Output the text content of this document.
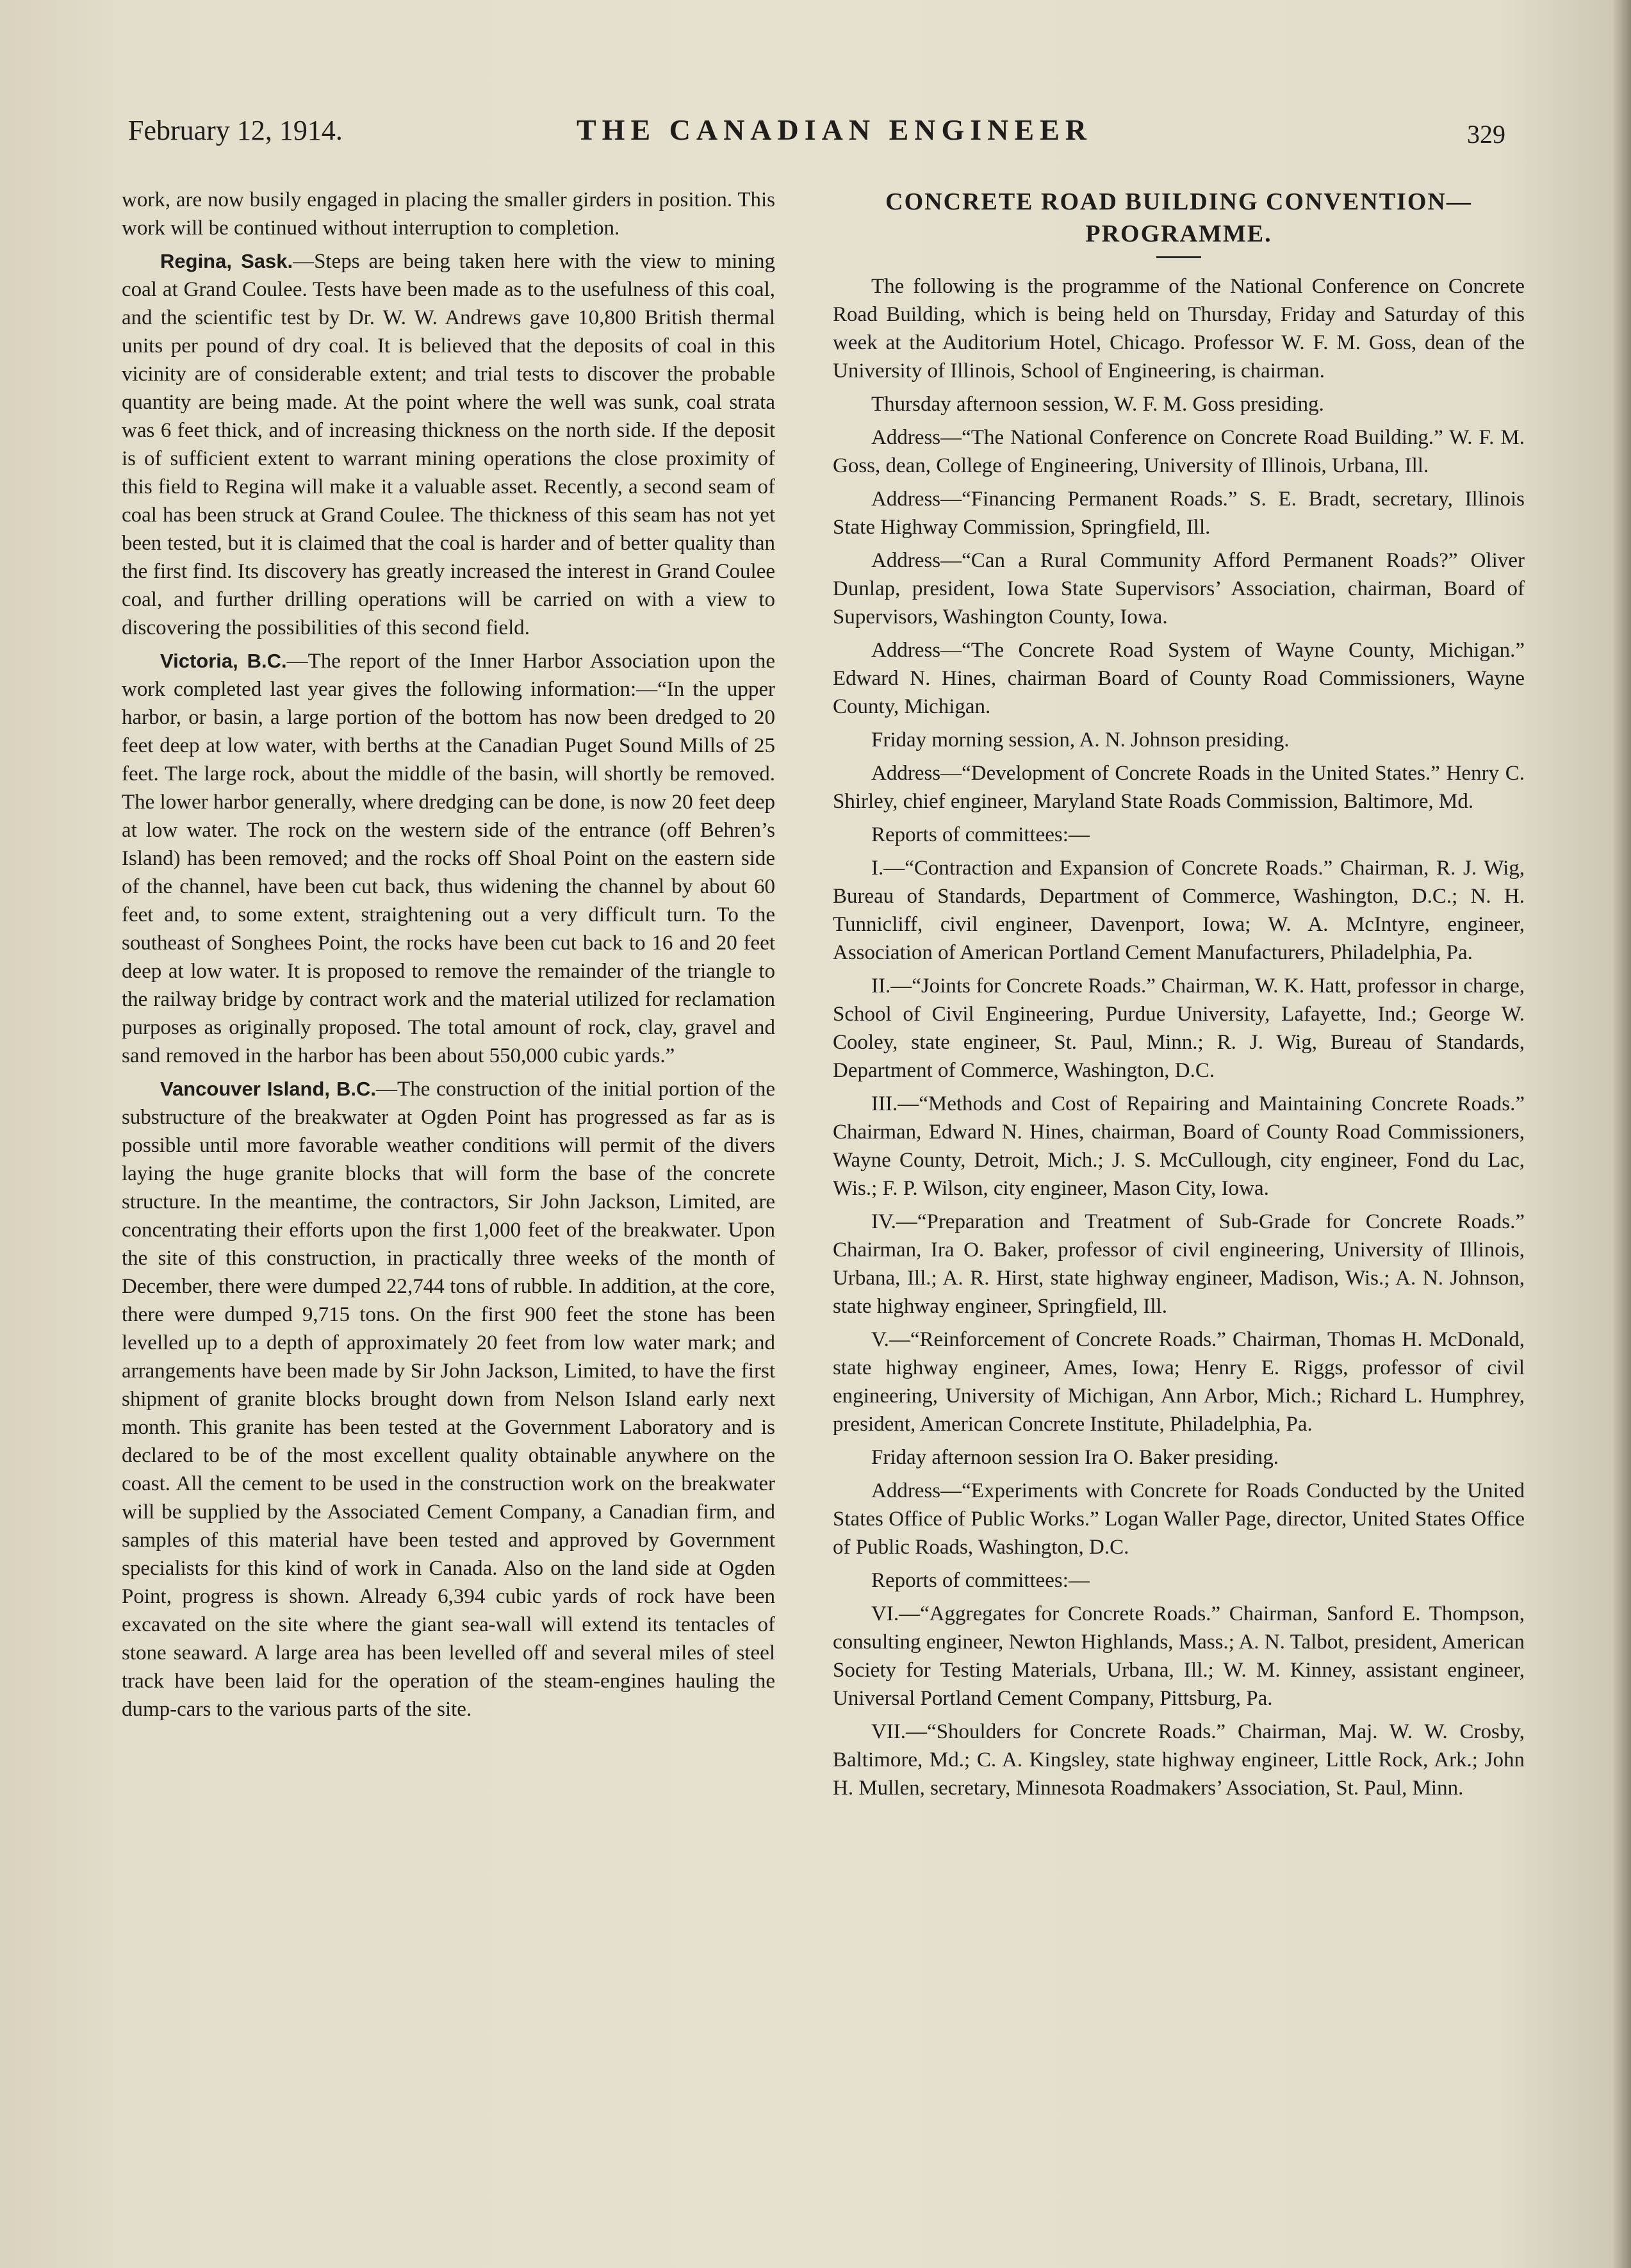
February 12, 1914.	THE CANADIAN ENGINEER	329

work, are now busily engaged in placing the smaller girders in position. This work will be continued without interruption to completion.

Regina, Sask.—Steps are being taken here with the view to mining coal at Grand Coulee. Tests have been made as to the usefulness of this coal, and the scientific test by Dr. W. W. Andrews gave 10,800 British thermal units per pound of dry coal. It is believed that the deposits of coal in this vicinity are of considerable extent; and trial tests to discover the probable quantity are being made. At the point where the well was sunk, coal strata was 6 feet thick, and of increasing thickness on the north side. If the deposit is of sufficient extent to warrant mining operations the close proximity of this field to Regina will make it a valuable asset. Recently, a second seam of coal has been struck at Grand Coulee. The thickness of this seam has not yet been tested, but it is claimed that the coal is harder and of better quality than the first find. Its discovery has greatly increased the interest in Grand Coulee coal, and further drilling operations will be carried on with a view to discovering the possibilities of this second field.

Victoria, B.C.—The report of the Inner Harbor Association upon the work completed last year gives the following information:—“In the upper harbor, or basin, a large portion of the bottom has now been dredged to 20 feet deep at low water, with berths at the Canadian Puget Sound Mills of 25 feet. The large rock, about the middle of the basin, will shortly be removed. The lower harbor generally, where dredging can be done, is now 20 feet deep at low water. The rock on the western side of the entrance (off Behren’s Island) has been removed; and the rocks off Shoal Point on the eastern side of the channel, have been cut back, thus widening the channel by about 60 feet and, to some extent, straightening out a very difficult turn. To the southeast of Songhees Point, the rocks have been cut back to 16 and 20 feet deep at low water. It is proposed to remove the remainder of the triangle to the railway bridge by contract work and the material utilized for reclamation purposes as originally proposed. The total amount of rock, clay, gravel and sand removed in the harbor has been about 550,000 cubic yards.”

Vancouver Island, B.C.—The construction of the initial portion of the substructure of the breakwater at Ogden Point has progressed as far as is possible until more favorable weather conditions will permit of the divers laying the huge granite blocks that will form the base of the concrete structure. In the meantime, the contractors, Sir John Jackson, Limited, are concentrating their efforts upon the first 1,000 feet of the breakwater. Upon the site of this construction, in practically three weeks of the month of December, there were dumped 22,744 tons of rubble. In addition, at the core, there were dumped 9,715 tons. On the first 900 feet the stone has been levelled up to a depth of approximately 20 feet from low water mark; and arrangements have been made by Sir John Jackson, Limited, to have the first shipment of granite blocks brought down from Nelson Island early next month. This granite has been tested at the Government Laboratory and is declared to be of the most excellent quality obtainable anywhere on the coast. All the cement to be used in the construction work on the breakwater will be supplied by the Associated Cement Company, a Canadian firm, and samples of this material have been tested and approved by Government specialists for this kind of work in Canada. Also on the land side at Ogden Point, progress is shown. Already 6,394 cubic yards of rock have been excavated on the site where the giant sea-wall will extend its tentacles of stone seaward. A large area has been levelled off and several miles of steel track have been laid for the operation of the steam-engines hauling the dump-cars to the various parts of the site.

CONCRETE ROAD BUILDING CONVENTION—
PROGRAMME.

The following is the programme of the National Conference on Concrete Road Building, which is being held on Thursday, Friday and Saturday of this week at the Auditorium Hotel, Chicago. Professor W. F. M. Goss, dean of the University of Illinois, School of Engineering, is chairman.

Thursday afternoon session, W. F. M. Goss presiding.

Address—“The National Conference on Concrete Road Building.” W. F. M. Goss, dean, College of Engineering, University of Illinois, Urbana, Ill.

Address—“Financing Permanent Roads.” S. E. Bradt, secretary, Illinois State Highway Commission, Springfield, Ill.

Address—“Can a Rural Community Afford Permanent Roads?” Oliver Dunlap, president, Iowa State Supervisors’ Association, chairman, Board of Supervisors, Washington County, Iowa.

Address—“The Concrete Road System of Wayne County, Michigan.” Edward N. Hines, chairman Board of County Road Commissioners, Wayne County, Michigan.

Friday morning session, A. N. Johnson presiding.

Address—“Development of Concrete Roads in the United States.” Henry C. Shirley, chief engineer, Maryland State Roads Commission, Baltimore, Md.

Reports of committees:—

I.—“Contraction and Expansion of Concrete Roads.” Chairman, R. J. Wig, Bureau of Standards, Department of Commerce, Washington, D.C.; N. H. Tunnicliff, civil engineer, Davenport, Iowa; W. A. McIntyre, engineer, Association of American Portland Cement Manufacturers, Philadelphia, Pa.

II.—“Joints for Concrete Roads.” Chairman, W. K. Hatt, professor in charge, School of Civil Engineering, Purdue University, Lafayette, Ind.; George W. Cooley, state engineer, St. Paul, Minn.; R. J. Wig, Bureau of Standards, Department of Commerce, Washington, D.C.

III.—“Methods and Cost of Repairing and Maintaining Concrete Roads.” Chairman, Edward N. Hines, chairman, Board of County Road Commissioners, Wayne County, Detroit, Mich.; J. S. McCullough, city engineer, Fond du Lac, Wis.; F. P. Wilson, city engineer, Mason City, Iowa.

IV.—“Preparation and Treatment of Sub-Grade for Concrete Roads.” Chairman, Ira O. Baker, professor of civil engineering, University of Illinois, Urbana, Ill.; A. R. Hirst, state highway engineer, Madison, Wis.; A. N. Johnson, state highway engineer, Springfield, Ill.

V.—“Reinforcement of Concrete Roads.” Chairman, Thomas H. McDonald, state highway engineer, Ames, Iowa; Henry E. Riggs, professor of civil engineering, University of Michigan, Ann Arbor, Mich.; Richard L. Humphrey, president, American Concrete Institute, Philadelphia, Pa.

Friday afternoon session Ira O. Baker presiding.

Address—“Experiments with Concrete for Roads Conducted by the United States Office of Public Works.” Logan Waller Page, director, United States Office of Public Roads, Washington, D.C.

Reports of committees:—

VI.—“Aggregates for Concrete Roads.” Chairman, Sanford E. Thompson, consulting engineer, Newton Highlands, Mass.; A. N. Talbot, president, American Society for Testing Materials, Urbana, Ill.; W. M. Kinney, assistant engineer, Universal Portland Cement Company, Pittsburg, Pa.

VII.—“Shoulders for Concrete Roads.” Chairman, Maj. W. W. Crosby, Baltimore, Md.; C. A. Kingsley, state highway engineer, Little Rock, Ark.; John H. Mullen, secretary, Minnesota Roadmakers’ Association, St. Paul, Minn.
